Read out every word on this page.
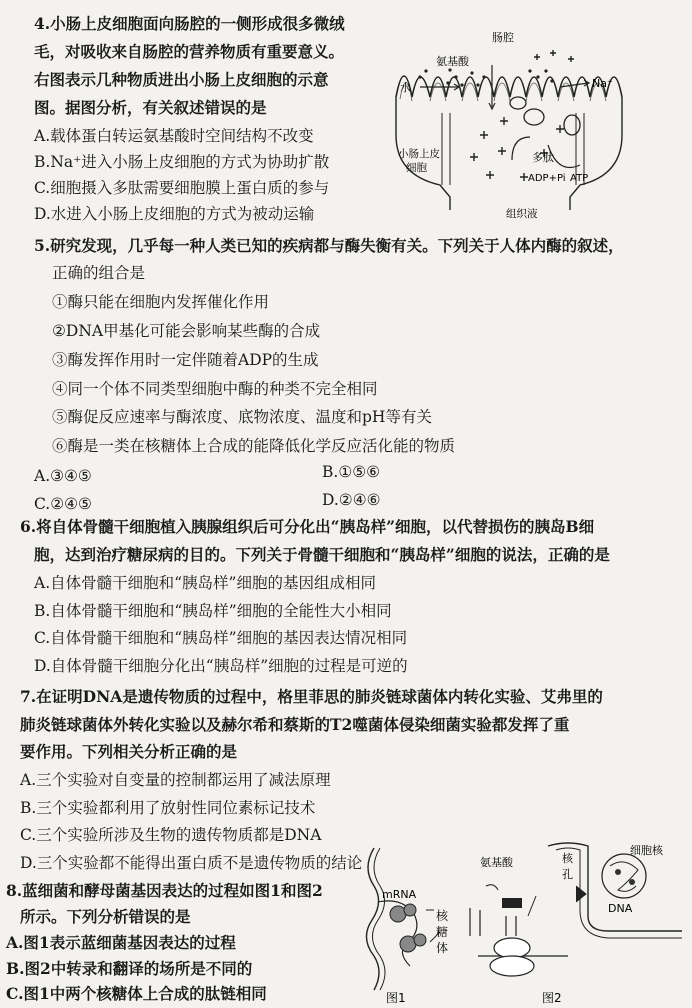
4.小肠上皮细胞面向肠腔的一侧形成很多微绒
毛，对吸收来自肠腔的营养物质有重要意义。
右图表示几种物质进出小肠上皮细胞的示意
图。据图分析，有关叙述错误的是
A.载体蛋白转运氨基酸时空间结构不改变
B.Na⁺进入小肠上皮细胞的方式为协助扩散
C.细胞摄入多肽需要细胞膜上蛋白质的参与
D.水进入小肠上皮细胞的方式为被动运输
肠腔
氨基酸
水	Na⁺
小肠上皮
细胞
多肽
ADP+Pi ATP
组织液
5.研究发现，几乎每一种人类已知的疾病都与酶失衡有关。下列关于人体内酶的叙述，
正确的组合是
①酶只能在细胞内发挥催化作用
②DNA甲基化可能会影响某些酶的合成
③酶发挥作用时一定伴随着ADP的生成
④同一个体不同类型细胞中酶的种类不完全相同
⑤酶促反应速率与酶浓度、底物浓度、温度和pH等有关
⑥酶是一类在核糖体上合成的能降低化学反应活化能的物质
A.③④⑤	B.①⑤⑥
C.②④⑤	D.②④⑥
6.将自体骨髓干细胞植入胰腺组织后可分化出“胰岛样”细胞，以代替损伤的胰岛B细
胞，达到治疗糖尿病的目的。下列关于骨髓干细胞和“胰岛样”细胞的说法，正确的是
A.自体骨髓干细胞和“胰岛样”细胞的基因组成相同
B.自体骨髓干细胞和“胰岛样”细胞的全能性大小相同
C.自体骨髓干细胞和“胰岛样”细胞的基因表达情况相同
D.自体骨髓干细胞分化出“胰岛样”细胞的过程是可逆的
7.在证明DNA是遗传物质的过程中，格里菲思的肺炎链球菌体内转化实验、艾弗里的
肺炎链球菌体外转化实验以及赫尔希和蔡斯的T2噬菌体侵染细菌实验都发挥了重
要作用。下列相关分析正确的是
A.三个实验对自变量的控制都运用了减法原理
B.三个实验都利用了放射性同位素标记技术
C.三个实验所涉及生物的遗传物质都是DNA
D.三个实验都不能得出蛋白质不是遗传物质的结论
8.蓝细菌和酵母菌基因表达的过程如图1和图2
所示。下列分析错误的是
A.图1表示蓝细菌基因表达的过程
B.图2中转录和翻译的场所是不同的
C.图1中两个核糖体上合成的肽链相同
mRNA
核
糖
体
图1
氨基酸	核
孔
DNA
细胞核
图2
